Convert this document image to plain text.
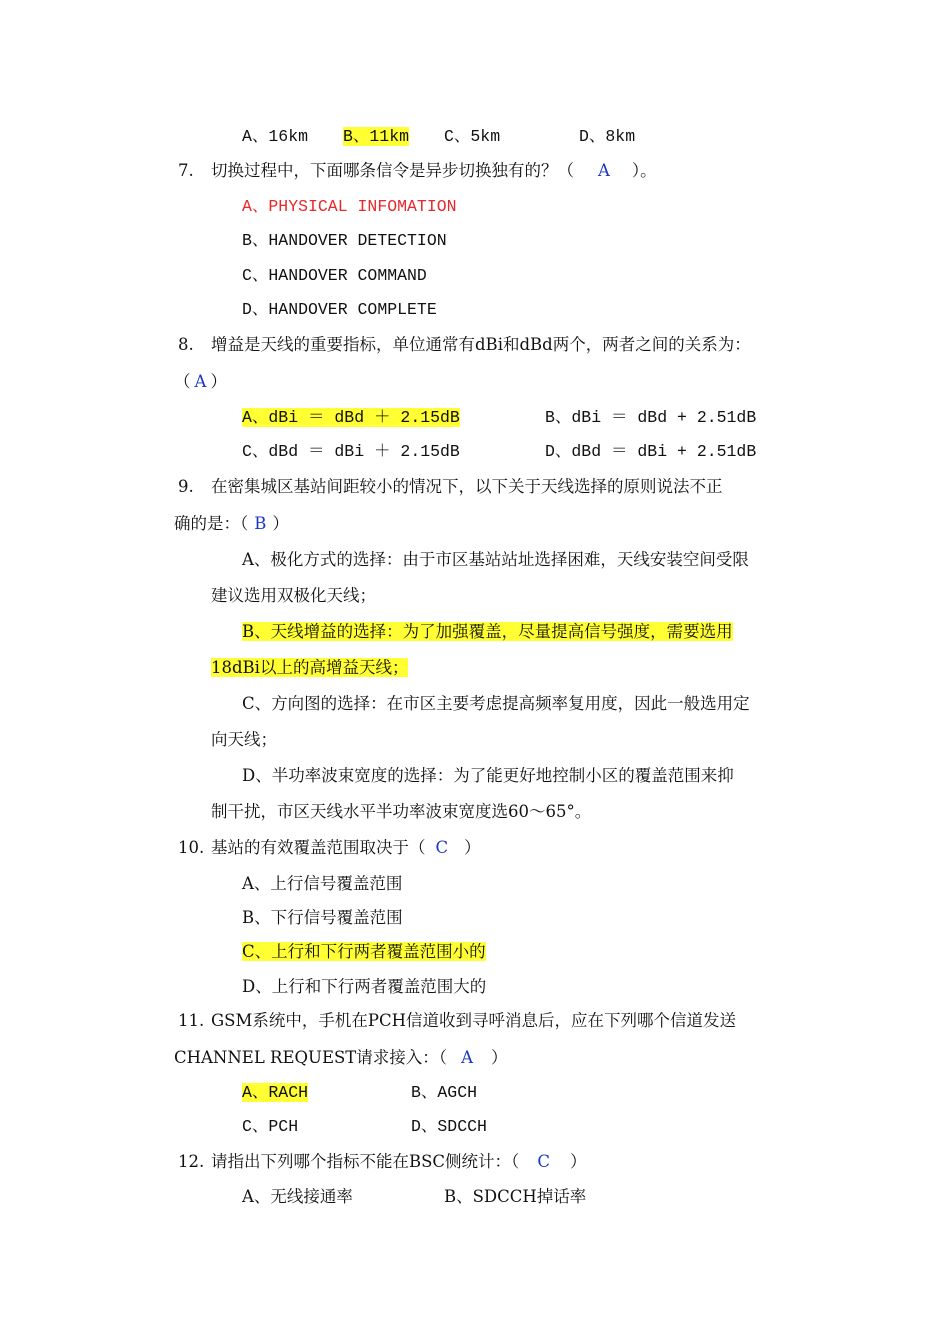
A、16km B、11km C、5km	D、8km
7. 切换过程中，下面哪条信令是异步切换独有的？（ A ）。
A、PHYSICAL INFOMATION
B、HANDOVER DETECTION
C、HANDOVER COMMAND
D、HANDOVER COMPLETE
8. 增益是天线的重要指标，单位通常有dBi和dBd两个，两者之间的关系为：
（ A ）
A、dBi ＝ dBd ＋ 2.15dB	B、dBi ＝ dBd + 2.51dB
C、dBd ＝ dBi ＋ 2.15dB	D、dBd ＝ dBi + 2.51dB
9. 在密集城区基站间距较小的情况下，以下关于天线选择的原则说法不正
确的是：（ B ）
A、极化方式的选择：由于市区基站站址选择困难，天线安装空间受限
建议选用双极化天线；
B、天线增益的选择：为了加强覆盖，尽量提高信号强度，需要选用
18dBi以上的高增益天线；
C、方向图的选择：在市区主要考虑提高频率复用度，因此一般选用定
向天线；
D、半功率波束宽度的选择：为了能更好地控制小区的覆盖范围来抑
制干扰，市区天线水平半功率波束宽度选60～65°。
10. 基站的有效覆盖范围取决于（ C ）
A、上行信号覆盖范围
B、下行信号覆盖范围
C、上行和下行两者覆盖范围小的
D、上行和下行两者覆盖范围大的
11. GSM系统中，手机在PCH信道收到寻呼消息后，应在下列哪个信道发送
CHANNEL REQUEST请求接入：（ A ）
A、RACH	B、AGCH
C、PCH	D、SDCCH
12. 请指出下列哪个指标不能在BSC侧统计：（ C ）
A、无线接通率	B、SDCCH掉话率
